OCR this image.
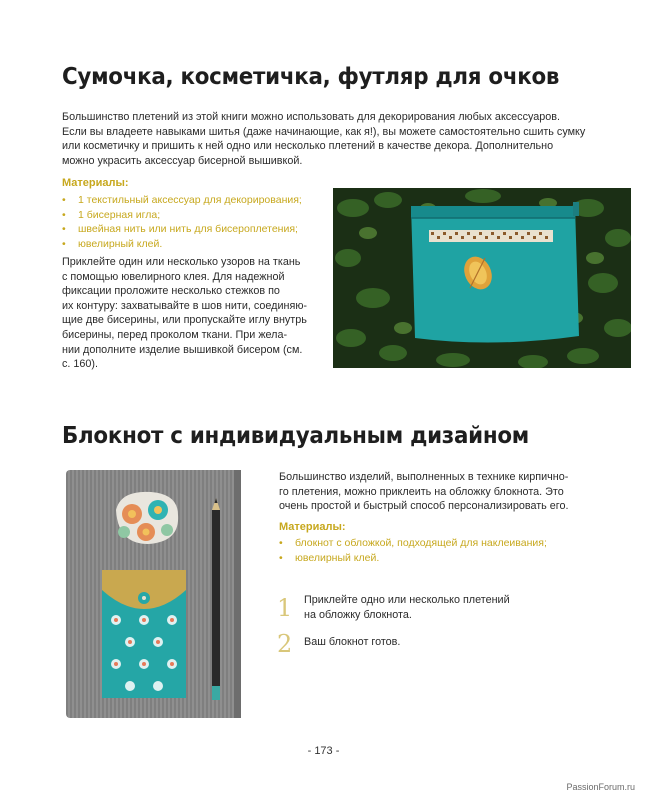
Сумочка, косметичка, футляр для очков
Большинство плетений из этой книги можно использовать для декорирования любых аксессуаров.
Если вы владеете навыками шитья (даже начинающие, как я!), вы можете самостоятельно сшить сумку
или косметичку и пришить к ней одно или несколько плетений в качестве декора. Дополнительно
можно украсить аксессуар бисерной вышивкой.
Материалы:
• 1 текстильный аксессуар для декорирования;
• 1 бисерная игла;
• швейная нить или нить для бисероплетения;
• ювелирный клей.
Приклейте один или несколько узоров на ткань
с помощью ювелирного клея. Для надежной
фиксации проложите несколько стежков по
их контуру: захватывайте в шов нити, соединяю-
щие две бисерины, или пропускайте иглу внутрь
бисерины, перед проколом ткани. При жела-
нии дополните изделие вышивкой бисером (см.
с. 160).
Блокнот с индивидуальным дизайном
Большинство изделий, выполненных в технике кирпично-
го плетения, можно приклеить на обложку блокнота. Это
очень простой и быстрый способ персонализировать его.
Материалы:
• блокнот с обложкой, подходящей для наклеивания;
• ювелирный клей.
1 Приклейте одно или несколько плетений
на обложку блокнота.
2 Ваш блокнот готов.
- 173 -
PassionForum.ru
